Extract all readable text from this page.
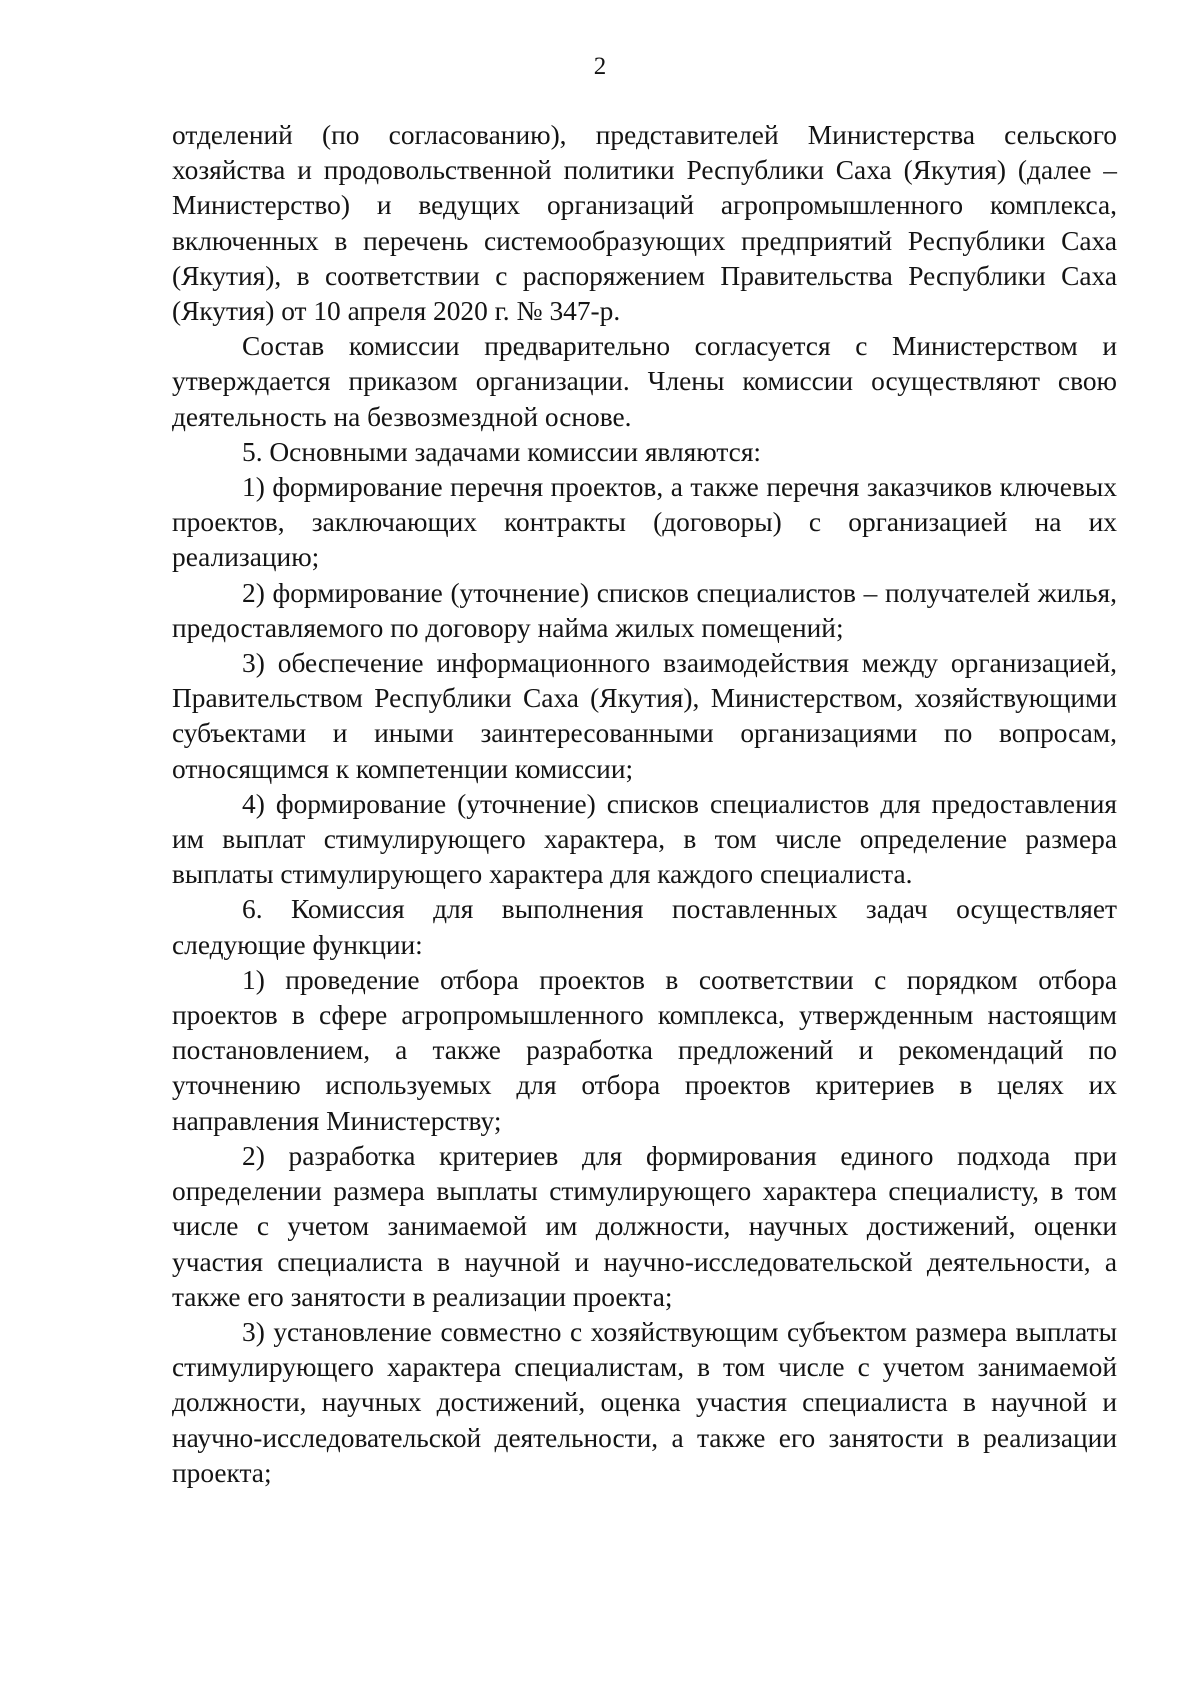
2

отделений (по согласованию), представителей Министерства сельского хозяйства и продовольственной политики Республики Саха (Якутия) (далее – Министерство) и ведущих организаций агропромышленного комплекса, включенных в перечень системообразующих предприятий Республики Саха (Якутия), в соответствии с распоряжением Правительства Республики Саха (Якутия) от 10 апреля 2020 г. № 347-р.

Состав комиссии предварительно согласуется с Министерством и утверждается приказом организации. Члены комиссии осуществляют свою деятельность на безвозмездной основе.

5. Основными задачами комиссии являются:

1) формирование перечня проектов, а также перечня заказчиков ключевых проектов, заключающих контракты (договоры) с организацией на их реализацию;

2) формирование (уточнение) списков специалистов – получателей жилья, предоставляемого по договору найма жилых помещений;

3) обеспечение информационного взаимодействия между организацией, Правительством Республики Саха (Якутия), Министерством, хозяйствующими субъектами и иными заинтересованными организациями по вопросам, относящимся к компетенции комиссии;

4) формирование (уточнение) списков специалистов для предоставления им выплат стимулирующего характера, в том числе определение размера выплаты стимулирующего характера для каждого специалиста.

6. Комиссия для выполнения поставленных задач осуществляет следующие функции:

1) проведение отбора проектов в соответствии с порядком отбора проектов в сфере агропромышленного комплекса, утвержденным настоящим постановлением, а также разработка предложений и рекомендаций по уточнению используемых для отбора проектов критериев в целях их направления Министерству;

2) разработка критериев для формирования единого подхода при определении размера выплаты стимулирующего характера специалисту, в том числе с учетом занимаемой им должности, научных достижений, оценки участия специалиста в научной и научно-исследовательской деятельности, а также его занятости в реализации проекта;

3) установление совместно с хозяйствующим субъектом размера выплаты стимулирующего характера специалистам, в том числе с учетом занимаемой должности, научных достижений, оценка участия специалиста в научной и научно-исследовательской деятельности, а также его занятости в реализации проекта;
